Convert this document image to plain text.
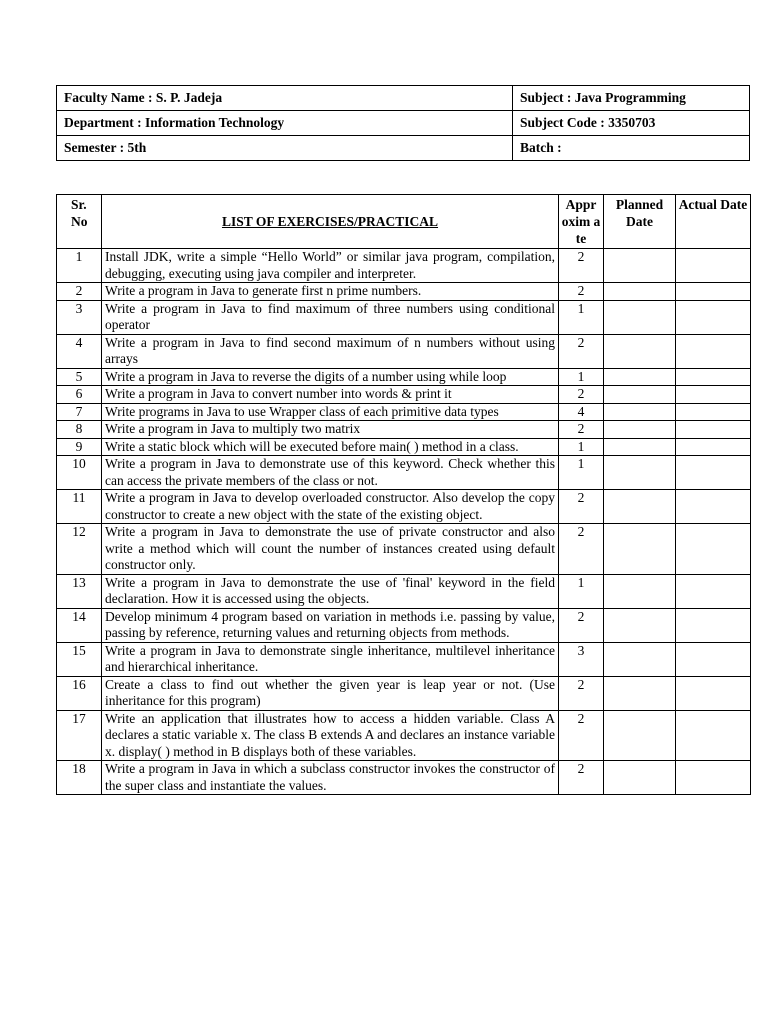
Faculty Name : S. P. Jadeja	Subject : Java Programming
Department : Information Technology	Subject Code : 3350703
Semester : 5th	Batch :
Sr. No	LIST OF EXERCISES/PRACTICAL	Appr oxim a te	Planned Date	Actual Date
1	Install JDK, write a simple “Hello World” or similar java program, compilation, debugging, executing using java compiler and interpreter.	2		
2	Write a program in Java to generate first n prime numbers.	2		
3	Write a program in Java to find maximum of three numbers using conditional operator	1		
4	Write a program in Java to find second maximum of n numbers without using arrays	2		
5	Write a program in Java to reverse the digits of a number using while loop	1		
6	Write a program in Java to convert number into words & print it	2		
7	Write programs in Java to use Wrapper class of each primitive data types	4		
8	Write a program in Java to multiply two matrix	2		
9	Write a static block which will be executed before main( ) method in a class.	1		
10	Write a program in Java to demonstrate use of this keyword. Check whether this can access the private members of the class or not.	1		
11	Write a program in Java to develop overloaded constructor. Also develop the copy constructor to create a new object with the state of the existing object.	2		
12	Write a program in Java to demonstrate the use of private constructor and also write a method which will count the number of instances created using default constructor only.	2		
13	Write a program in Java to demonstrate the use of 'final' keyword in the field declaration. How it is accessed using the objects.	1		
14	Develop minimum 4 program based on variation in methods i.e. passing by value, passing by reference, returning values and returning objects from methods.	2		
15	Write a program in Java to demonstrate single inheritance, multilevel inheritance and hierarchical inheritance.	3		
16	Create a class to find out whether the given year is leap year or not. (Use inheritance for this program)	2		
17	Write an application that illustrates how to access a hidden variable. Class A declares a static variable x. The class B extends A and declares an instance variable x. display( ) method in B displays both of these variables.	2		
18	Write a program in Java in which a subclass constructor invokes the constructor of the super class and instantiate the values.	2		
